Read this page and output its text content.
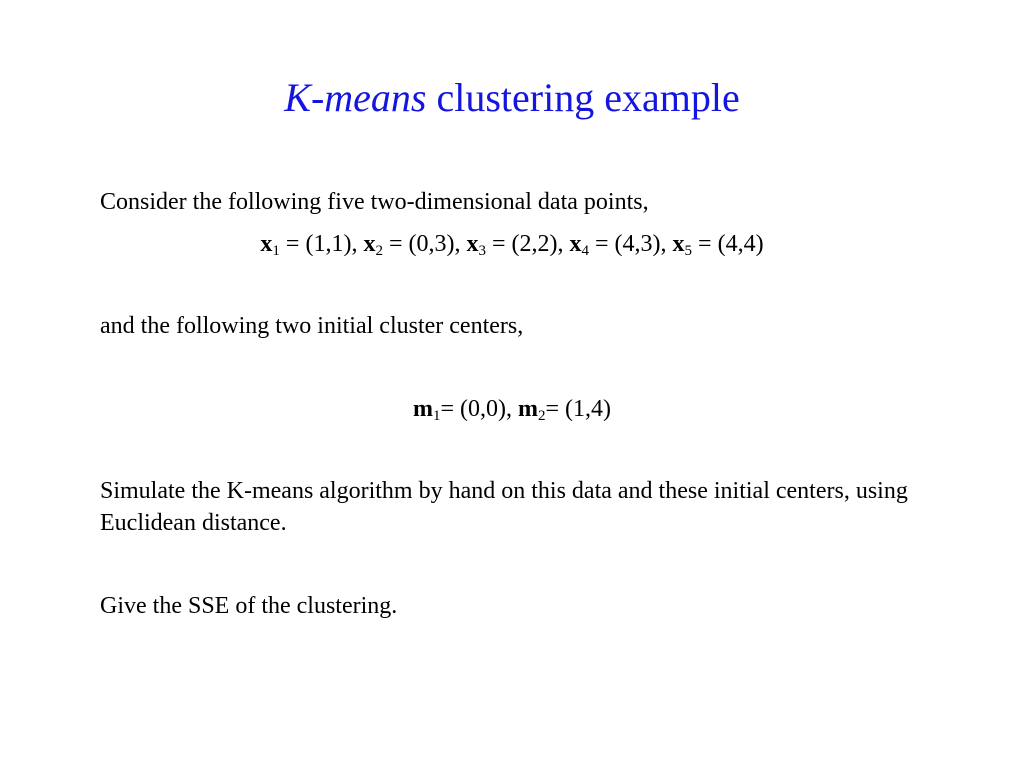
K-means clustering example

Consider the following five two-dimensional data points,

$x_1 = (1,1)$, $x_2 = (0,3)$, $x_3 = (2,2)$, $x_4 = (4,3)$, $x_5 = (4,4)$

and the following two initial cluster centers,

$m_1= (0,0)$, $m_2= (1,4)$

Simulate the K-means algorithm by hand on this data and these initial centers, using Euclidean distance.

Give the SSE of the clustering.
